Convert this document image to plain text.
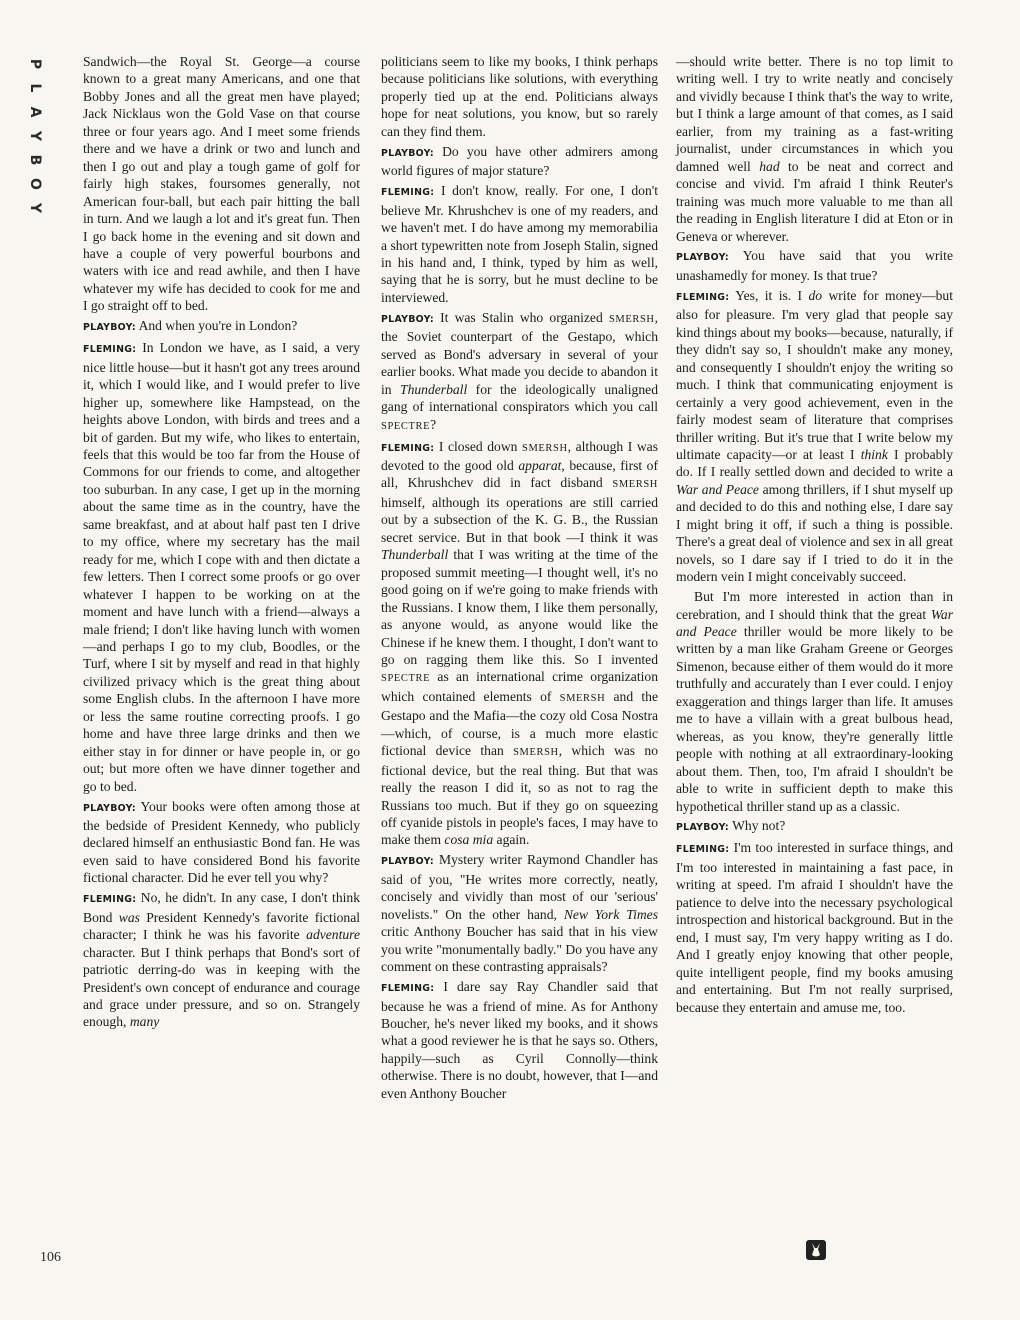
P
L
A
Y
B
O
Y

Sandwich—the Royal St. George—a course known to a great many Americans, and one that Bobby Jones and all the great men have played; Jack Nicklaus won the Gold Vase on that course three or four years ago. And I meet some friends there and we have a drink or two and lunch and then I go out and play a tough game of golf for fairly high stakes, foursomes generally, not American four-ball, but each pair hitting the ball in turn. And we laugh a lot and it's great fun. Then I go back home in the evening and sit down and have a couple of very powerful bourbons and waters with ice and read awhile, and then I have whatever my wife has decided to cook for me and I go straight off to bed.

PLAYBOY: And when you're in London?

FLEMING: In London we have, as I said, a very nice little house—but it hasn't got any trees around it, which I would like, and I would prefer to live higher up, somewhere like Hampstead, on the heights above London, with birds and trees and a bit of garden. But my wife, who likes to entertain, feels that this would be too far from the House of Commons for our friends to come, and altogether too suburban. In any case, I get up in the morning about the same time as in the country, have the same breakfast, and at about half past ten I drive to my office, where my secretary has the mail ready for me, which I cope with and then dictate a few letters. Then I correct some proofs or go over whatever I happen to be working on at the moment and have lunch with a friend—always a male friend; I don't like having lunch with women—and perhaps I go to my club, Boodles, or the Turf, where I sit by myself and read in that highly civilized privacy which is the great thing about some English clubs. In the afternoon I have more or less the same routine correcting proofs. I go home and have three large drinks and then we either stay in for dinner or have people in, or go out; but more often we have dinner together and go to bed.

PLAYBOY: Your books were often among those at the bedside of President Kennedy, who publicly declared himself an enthusiastic Bond fan. He was even said to have considered Bond his favorite fictional character. Did he ever tell you why?

FLEMING: No, he didn't. In any case, I don't think Bond was President Kennedy's favorite fictional character; I think he was his favorite adventure character. But I think perhaps that Bond's sort of patriotic derring-do was in keeping with the President's own concept of endurance and courage and grace under pressure, and so on. Strangely enough, many

politicians seem to like my books, I think perhaps because politicians like solutions, with everything properly tied up at the end. Politicians always hope for neat solutions, you know, but so rarely can they find them.

PLAYBOY: Do you have other admirers among world figures of major stature?

FLEMING: I don't know, really. For one, I don't believe Mr. Khrushchev is one of my readers, and we haven't met. I do have among my memorabilia a short typewritten note from Joseph Stalin, signed in his hand and, I think, typed by him as well, saying that he is sorry, but he must decline to be interviewed.

PLAYBOY: It was Stalin who organized SMERSH, the Soviet counterpart of the Gestapo, which served as Bond's adversary in several of your earlier books. What made you decide to abandon it in Thunderball for the ideologically unaligned gang of international conspirators which you call SPECTRE?

FLEMING: I closed down SMERSH, although I was devoted to the good old apparat, because, first of all, Khrushchev did in fact disband SMERSH himself, although its operations are still carried out by a subsection of the K. G. B., the Russian secret service. But in that book —I think it was Thunderball that I was writing at the time of the proposed summit meeting—I thought well, it's no good going on if we're going to make friends with the Russians. I know them, I like them personally, as anyone would, as anyone would like the Chinese if he knew them. I thought, I don't want to go on ragging them like this. So I invented SPECTRE as an international crime organization which contained elements of SMERSH and the Gestapo and the Mafia—the cozy old Cosa Nostra—which, of course, is a much more elastic fictional device than SMERSH, which was no fictional device, but the real thing. But that was really the reason I did it, so as not to rag the Russians too much. But if they go on squeezing off cyanide pistols in people's faces, I may have to make them cosa mia again.

PLAYBOY: Mystery writer Raymond Chandler has said of you, "He writes more correctly, neatly, concisely and vividly than most of our 'serious' novelists." On the other hand, New York Times critic Anthony Boucher has said that in his view you write "monumentally badly." Do you have any comment on these contrasting appraisals?

FLEMING: I dare say Ray Chandler said that because he was a friend of mine. As for Anthony Boucher, he's never liked my books, and it shows what a good reviewer he is that he says so. Others, happily—such as Cyril Connolly—think otherwise. There is no doubt, however, that I—and even Anthony Boucher

—should write better. There is no top limit to writing well. I try to write neatly and concisely and vividly because I think that's the way to write, but I think a large amount of that comes, as I said earlier, from my training as a fast-writing journalist, under circumstances in which you damned well had to be neat and correct and concise and vivid. I'm afraid I think Reuter's training was much more valuable to me than all the reading in English literature I did at Eton or in Geneva or wherever.

PLAYBOY: You have said that you write unashamedly for money. Is that true?

FLEMING: Yes, it is. I do write for money—but also for pleasure. I'm very glad that people say kind things about my books—because, naturally, if they didn't say so, I shouldn't make any money, and consequently I shouldn't enjoy the writing so much. I think that communicating enjoyment is certainly a very good achievement, even in the fairly modest seam of literature that comprises thriller writing. But it's true that I write below my ultimate capacity—or at least I think I probably do. If I really settled down and decided to write a War and Peace among thrillers, if I shut myself up and decided to do this and nothing else, I dare say I might bring it off, if such a thing is possible. There's a great deal of violence and sex in all great novels, so I dare say if I tried to do it in the modern vein I might conceivably succeed.

But I'm more interested in action than in cerebration, and I should think that the great War and Peace thriller would be more likely to be written by a man like Graham Greene or Georges Simenon, because either of them would do it more truthfully and accurately than I ever could. I enjoy exaggeration and things larger than life. It amuses me to have a villain with a great bulbous head, whereas, as you know, they're generally little people with nothing at all extraordinary-looking about them. Then, too, I'm afraid I shouldn't be able to write in sufficient depth to make this hypothetical thriller stand up as a classic.

PLAYBOY: Why not?

FLEMING: I'm too interested in surface things, and I'm too interested in maintaining a fast pace, in writing at speed. I'm afraid I shouldn't have the patience to delve into the necessary psychological introspection and historical background. But in the end, I must say, I'm very happy writing as I do. And I greatly enjoy knowing that other people, quite intelligent people, find my books amusing and entertaining. But I'm not really surprised, because they entertain and amuse me, too.

106
